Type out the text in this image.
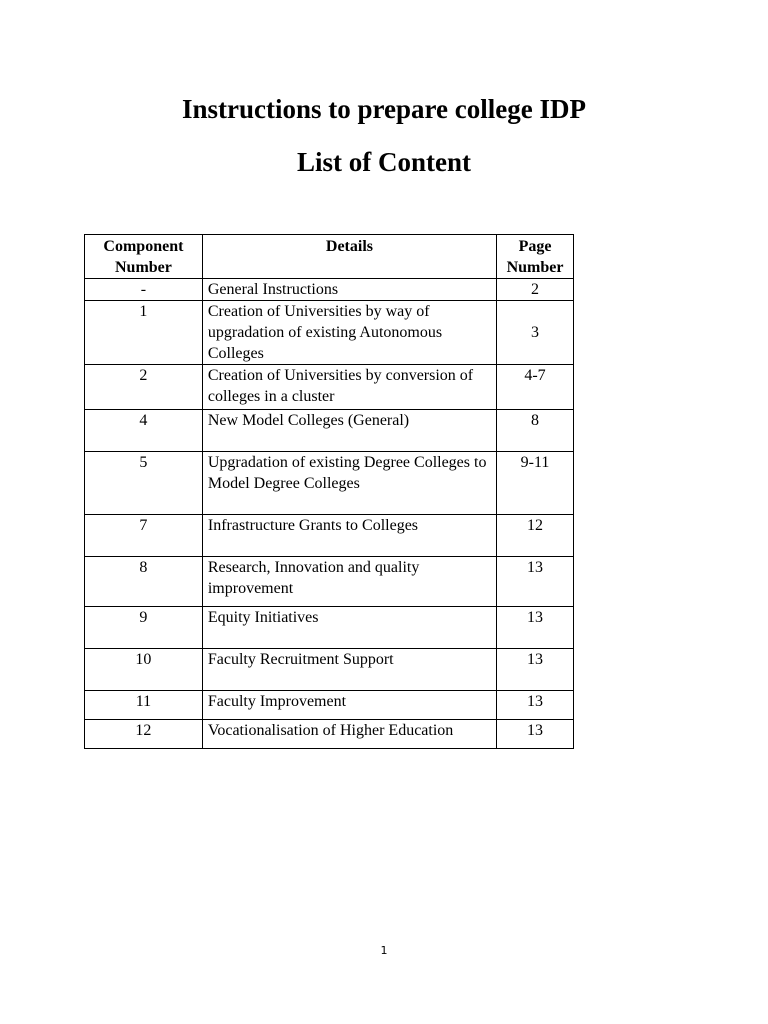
Instructions to prepare college IDP
List of Content
Component Number	Details	Page Number
-	General Instructions	2
1	Creation of Universities by way of upgradation of existing Autonomous Colleges	3
2	Creation of Universities by conversion of colleges in a cluster	4-7
4	New Model Colleges (General)	8
5	Upgradation of existing Degree Colleges to Model Degree Colleges	9-11
7	Infrastructure Grants to Colleges	12
8	Research, Innovation and quality improvement	13
9	Equity Initiatives	13
10	Faculty Recruitment Support	13
11	Faculty Improvement	13
12	Vocationalisation of Higher Education	13
1
